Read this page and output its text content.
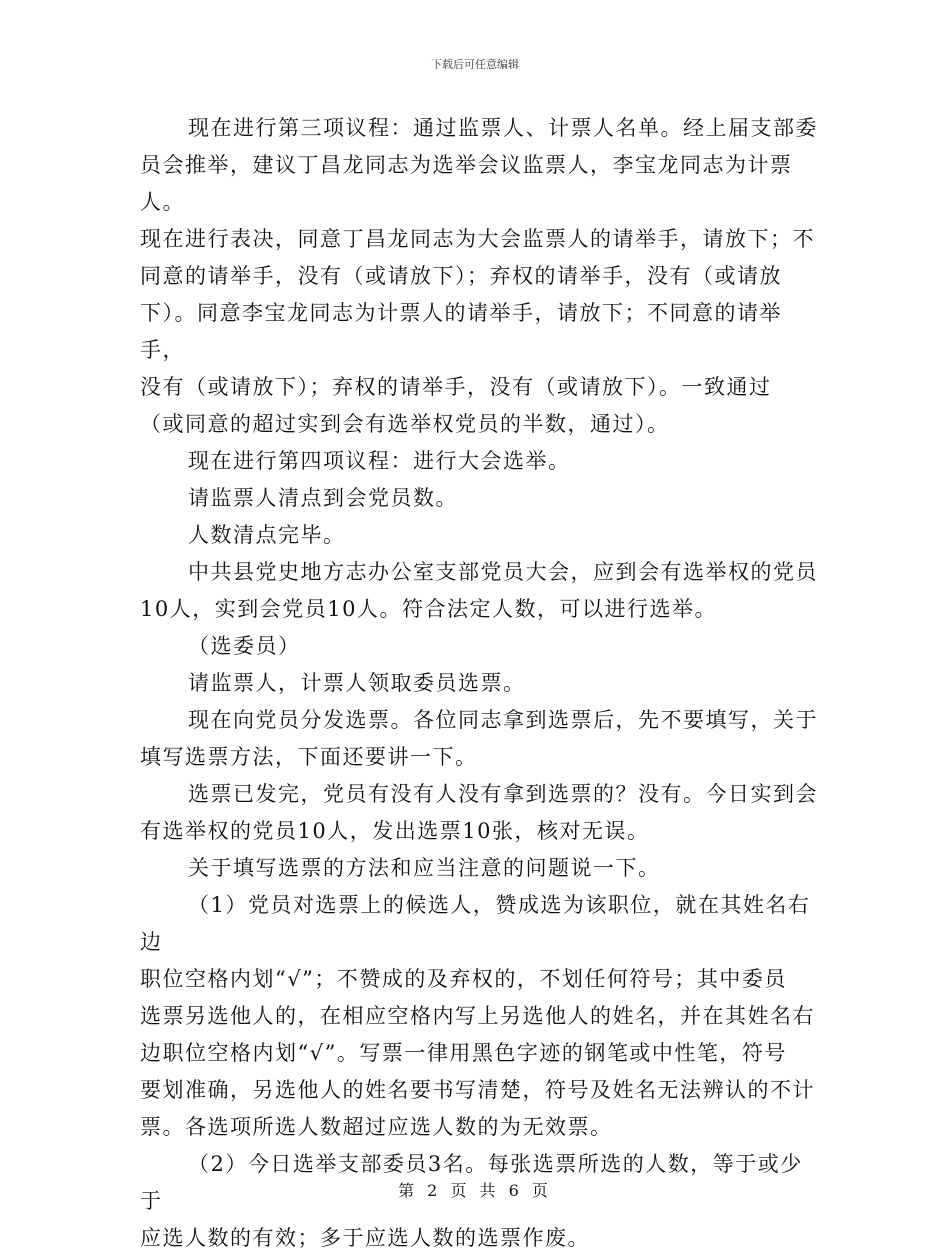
下载后可任意编辑

现在进行第三项议程：通过监票人、计票人名单。经上届支部委

员会推举，建议丁昌龙同志为选举会议监票人，李宝龙同志为计票人。

现在进行表决，同意丁昌龙同志为大会监票人的请举手，请放下；不

同意的请举手，没有（或请放下）；弃权的请举手，没有（或请放

下）。同意李宝龙同志为计票人的请举手，请放下；不同意的请举手，

没有（或请放下）；弃权的请举手，没有（或请放下）。一致通过

（或同意的超过实到会有选举权党员的半数，通过）。

现在进行第四项议程：进行大会选举。

请监票人清点到会党员数。

人数清点完毕。

中共县党史地方志办公室支部党员大会，应到会有选举权的党员

10人，实到会党员10人。符合法定人数，可以进行选举。

（选委员）

请监票人，计票人领取委员选票。

现在向党员分发选票。各位同志拿到选票后，先不要填写，关于

填写选票方法，下面还要讲一下。

选票已发完，党员有没有人没有拿到选票的？没有。今日实到会

有选举权的党员10人，发出选票10张，核对无误。

关于填写选票的方法和应当注意的问题说一下。

（1）党员对选票上的候选人，赞成选为该职位，就在其姓名右边

职位空格内划“√”；不赞成的及弃权的，不划任何符号；其中委员

选票另选他人的，在相应空格内写上另选他人的姓名，并在其姓名右

边职位空格内划“√”。写票一律用黑色字迹的钢笔或中性笔，符号

要划准确，另选他人的姓名要书写清楚，符号及姓名无法辨认的不计

票。各选项所选人数超过应选人数的为无效票。

（2）今日选举支部委员3名。每张选票所选的人数，等于或少于

应选人数的有效；多于应选人数的选票作废。

第 2 页 共 6 页
